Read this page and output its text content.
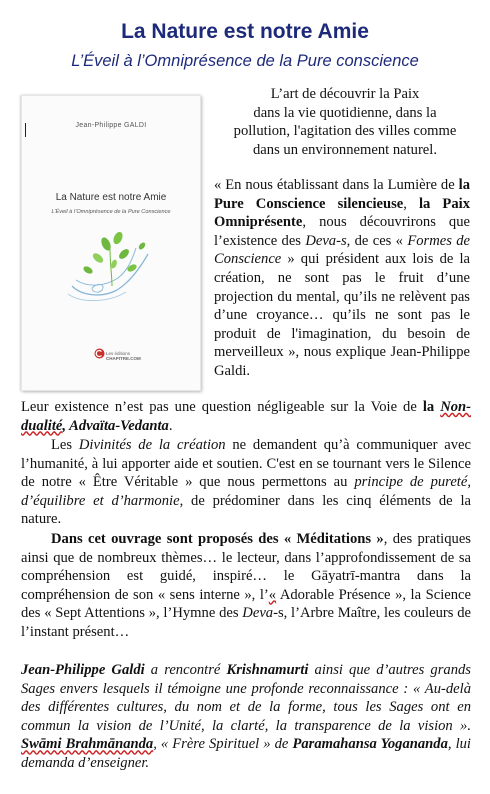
La Nature est notre Amie
L’Éveil à l’Omniprésence de la Pure conscience
Jean-Philippe GALDI
La Nature est notre Amie
L’Éveil à l’Omniprésence de la Pure Conscience
Les éditions
CHAPITRE.COM
L’art de découvrir la Paix
dans la vie quotidienne, dans la
pollution, l'agitation des villes comme
dans un environnement naturel.
« En nous établissant dans la Lumière de la Pure Conscience silencieuse, la Paix Omniprésente, nous découvrirons que l’existence des Deva-s, de ces « Formes de Conscience » qui président aux lois de la création, ne sont pas le fruit d’une projection du mental, qu’ils ne relèvent pas d’une croyance… qu’ils ne sont pas le produit de l'imagination, du besoin de merveilleux », nous explique Jean-Philippe Galdi.
Leur existence n’est pas une question négligeable sur la Voie de la Non-dualité, Advaïta-Vedanta.
Les Divinités de la création ne demandent qu’à communiquer avec l’humanité, à lui apporter aide et soutien. C'est en se tournant vers le Silence de notre « Être Véritable » que nous permettons au principe de pureté, d’équilibre et d’harmonie, de prédominer dans les cinq éléments de la nature.
Dans cet ouvrage sont proposés des « Méditations », des pratiques ainsi que de nombreux thèmes… le lecteur, dans l’approfondissement de sa compréhension est guidé, inspiré… le Gāyatrī-mantra dans la compréhension de son « sens interne », l’« Adorable Présence », la Science des « Sept Attentions », l’Hymne des Deva-s, l’Arbre Maître, les couleurs de l’instant présent…
Jean-Philippe Galdi a rencontré Krishnamurti ainsi que d’autres grands Sages envers lesquels il témoigne une profonde reconnaissance : « Au-delà des différentes cultures, du nom et de la forme, tous les Sages ont en commun la vision de l’Unité, la clarté, la transparence de la vision ». Swāmi Brahmānanda, « Frère Spirituel » de Paramahansa Yogananda, lui demanda d’enseigner.
